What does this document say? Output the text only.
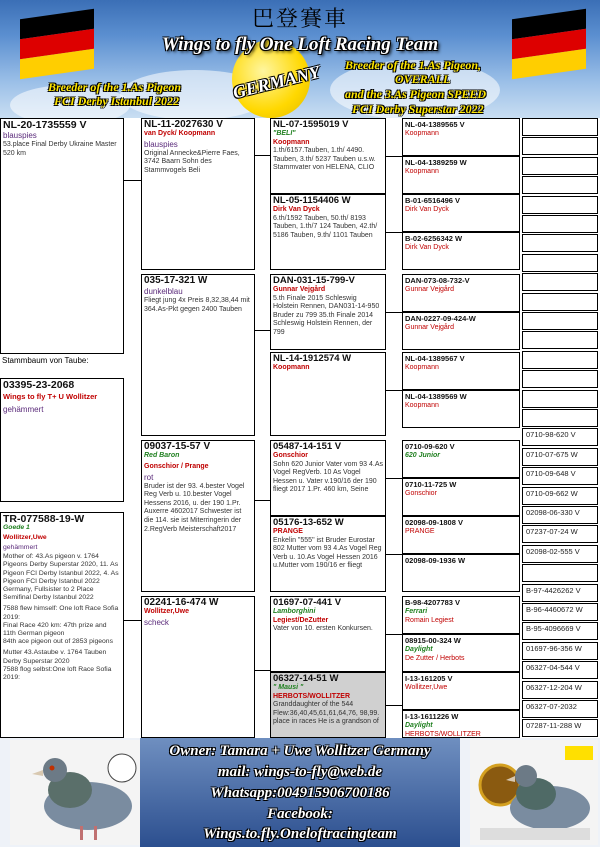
巴登賽車
Wings to fly One Loft Racing Team
GERMANY
Breeder of the 1.As Pigeon
FCI Derby Istanbul 2022
Breeder of the 1.As Pigeon,
OVERALL
and the 3.As Pigeon SPEED
FCI Derby Superstar 2022
NL-20-1735559 V
blauspies
53.place Final Derby Ukraine Master 520 km
Stammbaum von Taube:
03395-23-2068
Wings to fly T+ U Wollitzer
gehämmert
TR-077588-19-W
Goede 1
Wollitzer,Uwe
gehämmert
Mother of: 43.As pigeon v. 1764 Pigeons Derby Superstar 2020, 11. As Pigeon FCI Derby Istanbul 2022, 4. As Pigeon FCI Derby Istanbul 2022 Germany, Fullsister to 2 Place Semifinal Derby Istanbul 2022
7588 flew himself: One loft Race Sofia 2019:
Final Race 420 km: 47th prize and 11th German pigeon
84th ace pigeon out of 2853 pigeons
Mutter 43.Astaube v. 1764 Tauben Derby Superstar 2020
7588 flog selbst:One loft Race Sofia 2019:
NL-11-2027630 V
van Dyck/ Koopmann
blauspies
Original Annecke&Pierre Faes, 3742 Baarn Sohn des Stammvogels Beli
035-17-321 W
dunkelblau
Fliegt jung 4x Preis 8,32,38,44 mit 364.As-Pkt gegen 2400 Tauben
09037-15-57 V
Red Baron
Gonschior / Prange
rot
Bruder ist der 93. 4.bester Vogel Reg Verb u. 10.bester Vogel Hessens 2016, u. der 190 1.Pr. Auxerre 4602017 Schwester ist die 114. sie ist Miterringerin der 2.RegVerb Meisterschaft2017
02241-16-474 W
Wollitzer,Uwe
scheck
NL-07-1595019 V
"BELI"
Koopmann
1.th/6157.Tauben, 1.th/ 4490. Tauben, 3.th/ 5237 Tauben u.s.w. Stammvater von HELENA, CLIO
NL-05-1154406 W
Dirk Van Dyck
6.th/1592 Tauben, 50.th/ 8193 Tauben, 1.th/7 124 Tauben, 42.th/ 5186 Tauben, 9.th/ 1101 Tauben
DAN-031-15-799-V
Gunnar Vejgård
5.th Finale 2015 Schleswig Holstein Rennen, DAN031-14-950 Bruder zu 799 35.th Finale 2014 Schleswig Holstein Rennen, der 799
NL-14-1912574 W
Koopmann
05487-14-151 V
Gonschior
Sohn 620 Junior Vater vom 93 4.As Vogel RegVerb. 10 As Vogel Hessen u. Vater v.190/16 der 190 fliegt 2017 1.Pr. 460 km, Seine
05176-13-652 W
PRANGE
Enkelin "555" ist Bruder Eurostar 802 Mutter vom 93 4.As Vogel Reg Verb u. 10.As Vogel Hessen 2016 u.Mutter vom 190/16 er fliegt
01697-07-441 V
Lamborghini
Legiest/DeZutter
Vater von 10. ersten Konkursen.
06327-14-51 W
" Mausi "
HERBOTS/WOLLITZER
Granddaughter of the 544 Flew:36,40,45,61,61,64,76, 98,99. place in races He is a grandson of
NL-04-1389565 V
Koopmann
NL-04-1389259 W
Koopmann
B-01-6516496 V
Dirk Van Dyck
B-02-6256342 W
Dirk Van Dyck
DAN-073-08-732-V
Gunnar Vejgård
DAN-0227-09-424-W
Gunnar Vejgård
NL-04-1389567 V
Koopmann
NL-04-1389569 W
Koopmann
0710-09-620 V
620 Junior
0710-11-725 W
Gonschior
02098-09-1808 V
PRANGE
02098-09-1936 W
B-98-4207783 V
Ferrari
Romain Legiest
08915-00-324 W
Daylight
De Zutter / Herbots
I-13-161205 V
Wollitzer,Uwe
I-13-1611226 W
Daylight
HERBOTS/WOLLITZER
0710-98-620 V
0710-07-675 W
0710-09-648 V
0710-09-662 W
02098-06-330 V
07237-07-24 W
02098-02-555 V
B-97-4426262 V
B-96-4460672 W
B-95-4096669 V
01697-96-356 W
06327-04-544 V
06327-12-204 W
06327-07-2032
07287-11-288 W
Owner: Tamara + Uwe Wollitzer Germany
mail: wings-to-fly@web.de
Whatsapp:004915906700186
Facebook:
Wings.to.fly.Oneloftracingteam
